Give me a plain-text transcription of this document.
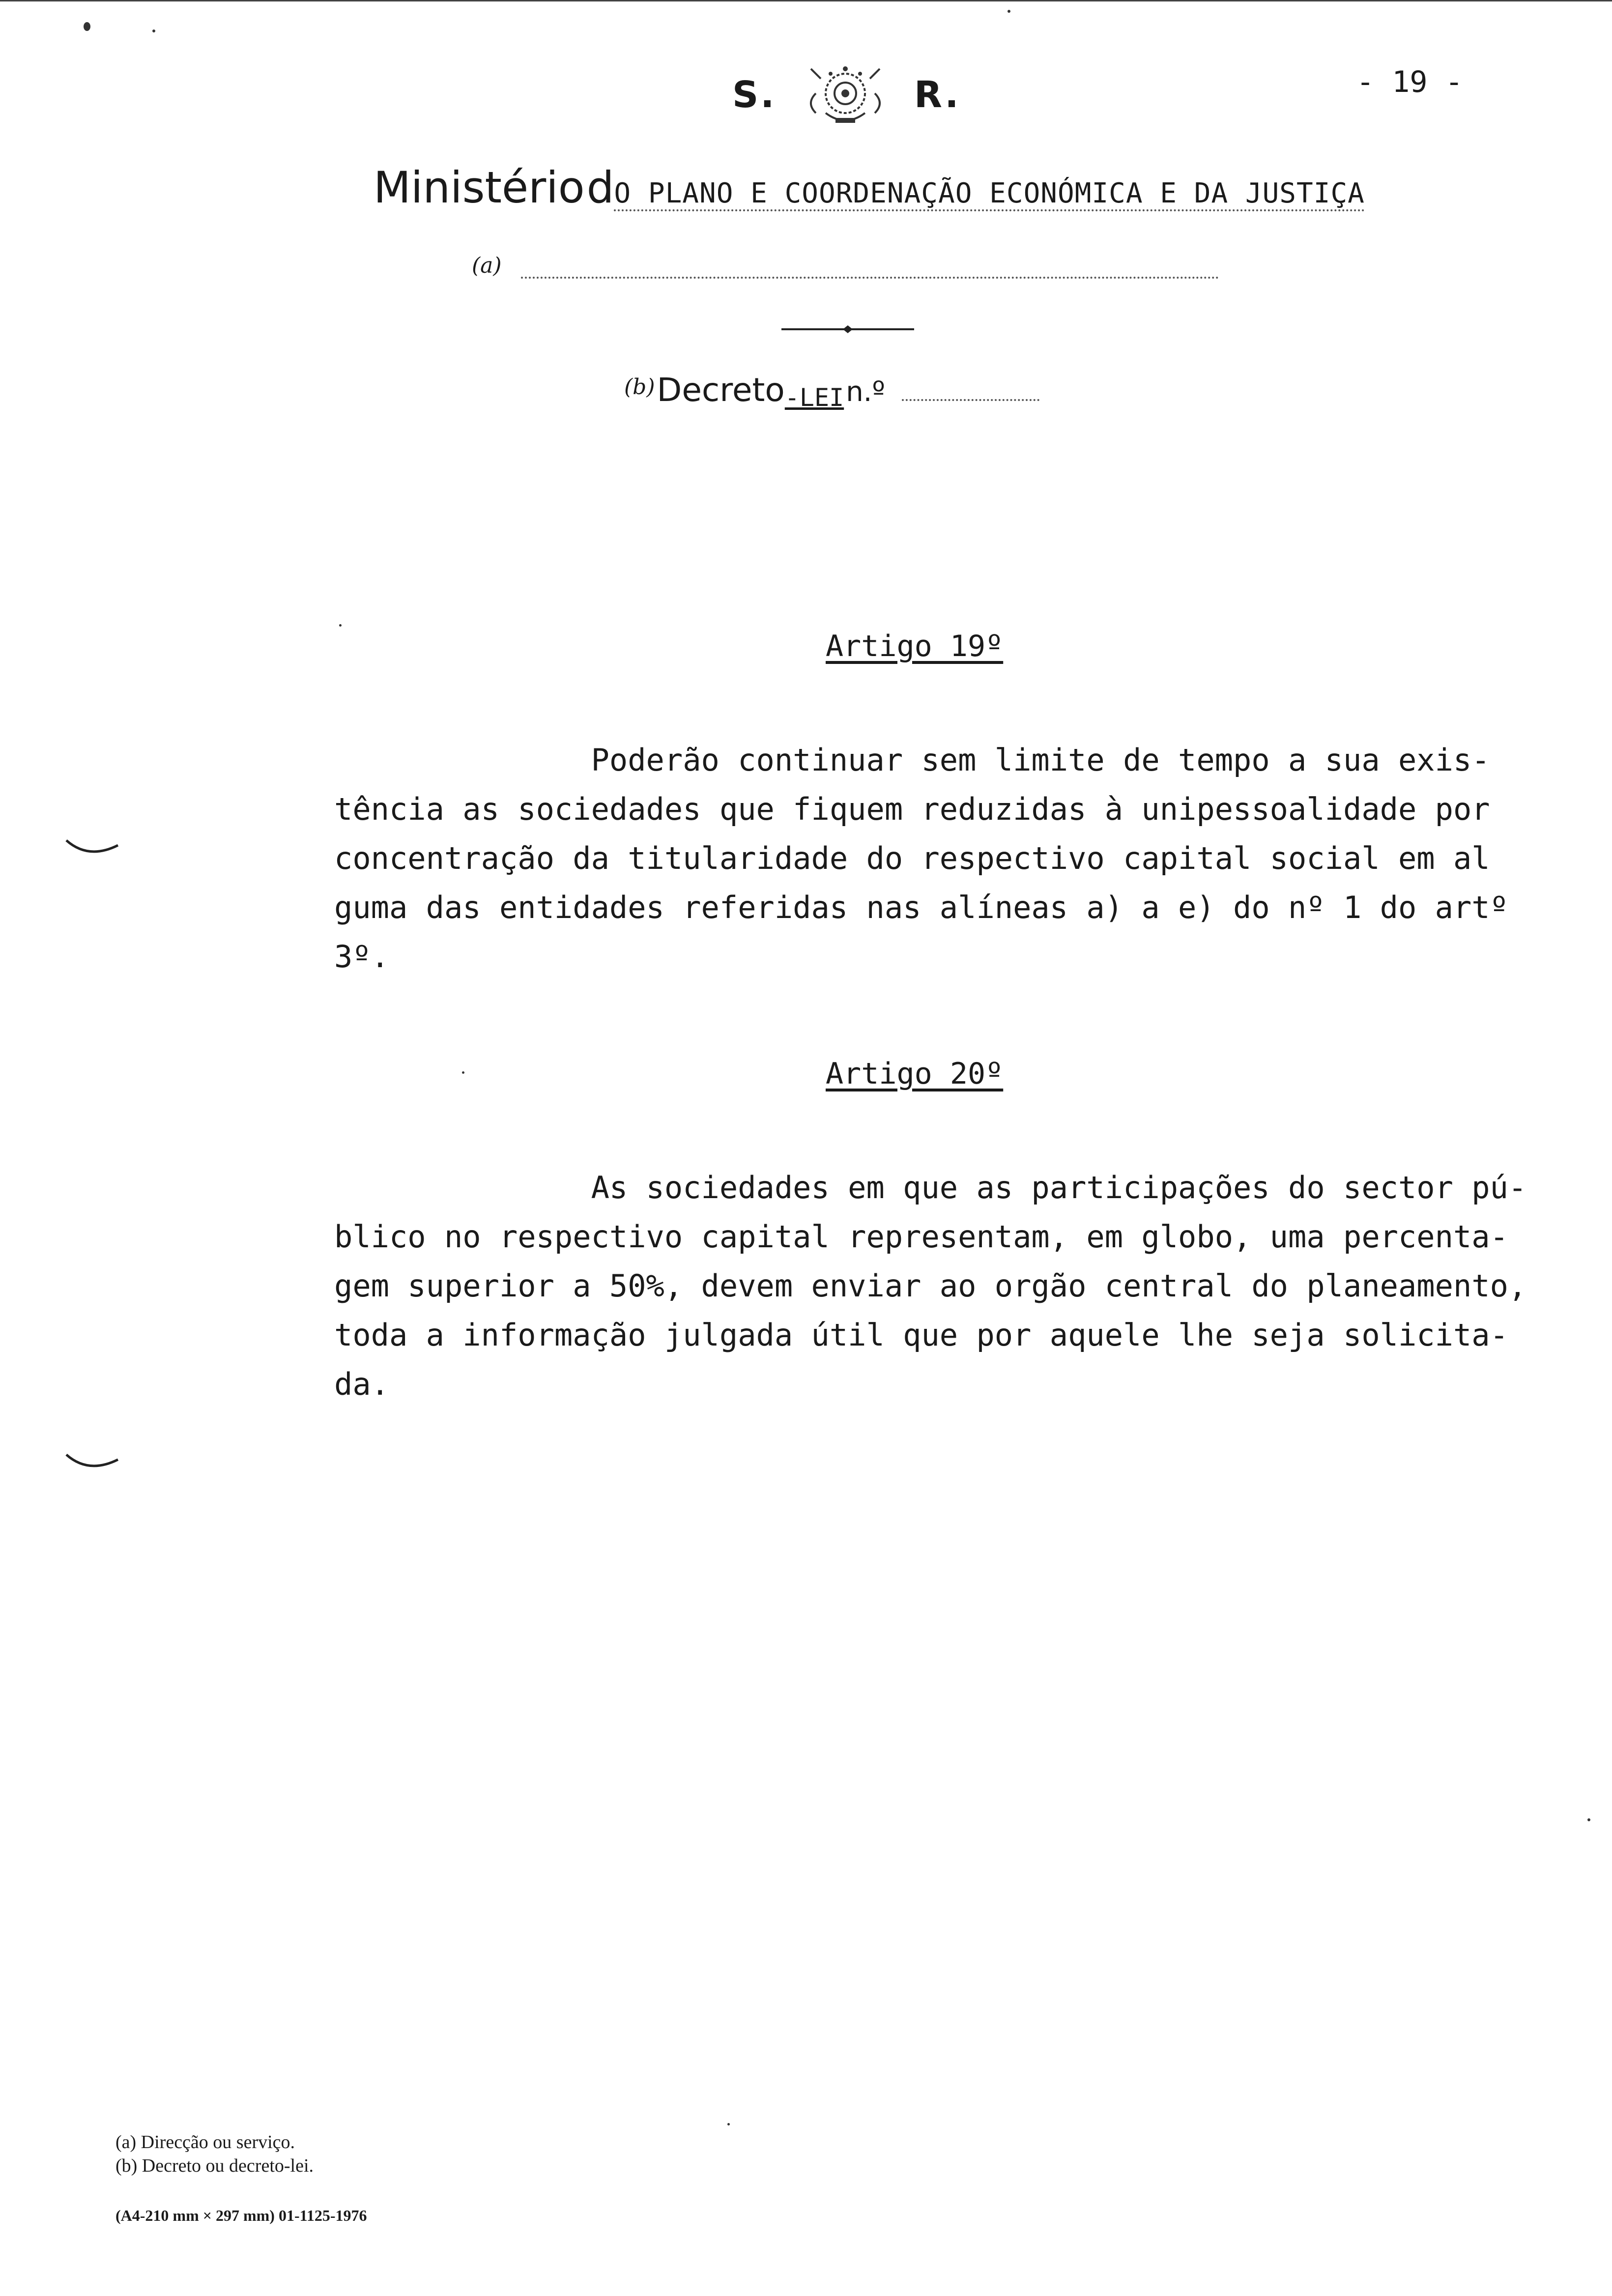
S.	R.	- 19 -
Ministério dO PLANO E COORDENAÇÃO ECONÓMICA E DA JUSTIÇA
(a)
(b) Decreto-LEI n.º
Artigo 19º
Poderão continuar sem limite de tempo a sua exis-
tência as sociedades que fiquem reduzidas à unipessoalidade por
concentração da titularidade do respectivo capital social em al
guma das entidades referidas nas alíneas a) a e) do nº 1 do artº
3º.
Artigo 20º
As sociedades em que as participações do sector pú-
blico no respectivo capital representam, em globo, uma percenta-
gem superior a 50%, devem enviar ao orgão central do planeamento,
toda a informação julgada útil que por aquele lhe seja solicita-
da.
(a) Direcção ou serviço.
(b) Decreto ou decreto-lei.
(A4-210 mm × 297 mm) 01-1125-1976
